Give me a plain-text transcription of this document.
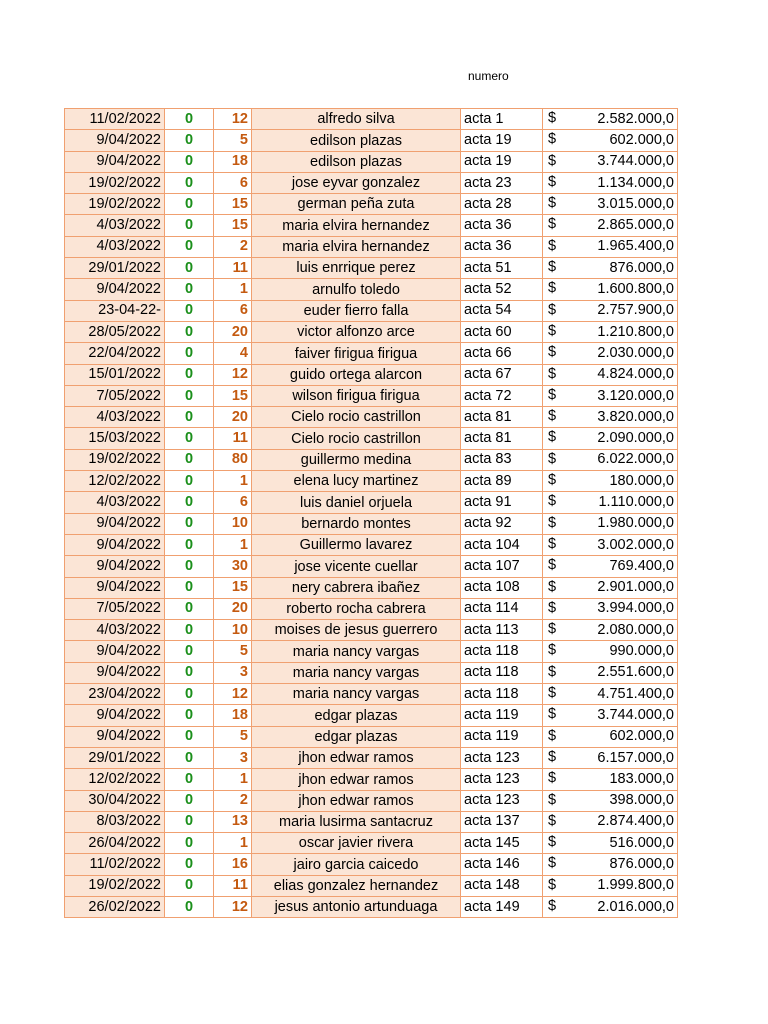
numero
11/02/2022	0	12	alfredo silva	acta 1	$ 2.582.000,0
9/04/2022	0	5	edilson plazas	acta 19	$ 602.000,0
9/04/2022	0	18	edilson plazas	acta 19	$ 3.744.000,0
19/02/2022	0	6	jose eyvar gonzalez	acta 23	$ 1.134.000,0
19/02/2022	0	15	german peña zuta	acta 28	$ 3.015.000,0
4/03/2022	0	15	maria elvira hernandez	acta 36	$ 2.865.000,0
4/03/2022	0	2	maria elvira hernandez	acta 36	$ 1.965.400,0
29/01/2022	0	11	luis enrrique perez	acta 51	$ 876.000,0
9/04/2022	0	1	arnulfo toledo	acta 52	$ 1.600.800,0
23-04-22-	0	6	euder fierro falla	acta 54	$ 2.757.900,0
28/05/2022	0	20	victor alfonzo arce	acta 60	$ 1.210.800,0
22/04/2022	0	4	faiver firigua firigua	acta 66	$ 2.030.000,0
15/01/2022	0	12	guido ortega alarcon	acta 67	$ 4.824.000,0
7/05/2022	0	15	wilson firigua firigua	acta 72	$ 3.120.000,0
4/03/2022	0	20	Cielo rocio castrillon	acta 81	$ 3.820.000,0
15/03/2022	0	11	Cielo rocio castrillon	acta 81	$ 2.090.000,0
19/02/2022	0	80	guillermo medina	acta 83	$ 6.022.000,0
12/02/2022	0	1	elena lucy martinez	acta 89	$ 180.000,0
4/03/2022	0	6	luis daniel orjuela	acta 91	$ 1.110.000,0
9/04/2022	0	10	bernardo montes	acta 92	$ 1.980.000,0
9/04/2022	0	1	Guillermo lavarez	acta 104	$ 3.002.000,0
9/04/2022	0	30	jose vicente cuellar	acta 107	$ 769.400,0
9/04/2022	0	15	nery cabrera ibañez	acta 108	$ 2.901.000,0
7/05/2022	0	20	roberto rocha cabrera	acta 114	$ 3.994.000,0
4/03/2022	0	10	moises de jesus guerrero	acta 113	$ 2.080.000,0
9/04/2022	0	5	maria nancy vargas	acta 118	$ 990.000,0
9/04/2022	0	3	maria nancy vargas	acta 118	$ 2.551.600,0
23/04/2022	0	12	maria nancy vargas	acta 118	$ 4.751.400,0
9/04/2022	0	18	edgar plazas	acta 119	$ 3.744.000,0
9/04/2022	0	5	edgar plazas	acta 119	$ 602.000,0
29/01/2022	0	3	jhon edwar ramos	acta 123	$ 6.157.000,0
12/02/2022	0	1	jhon edwar ramos	acta 123	$ 183.000,0
30/04/2022	0	2	jhon edwar ramos	acta 123	$ 398.000,0
8/03/2022	0	13	maria lusirma santacruz	acta 137	$ 2.874.400,0
26/04/2022	0	1	oscar javier rivera	acta 145	$ 516.000,0
11/02/2022	0	16	jairo garcia caicedo	acta 146	$ 876.000,0
19/02/2022	0	11	elias gonzalez hernandez	acta 148	$ 1.999.800,0
26/02/2022	0	12	jesus antonio artunduaga	acta 149	$ 2.016.000,0
